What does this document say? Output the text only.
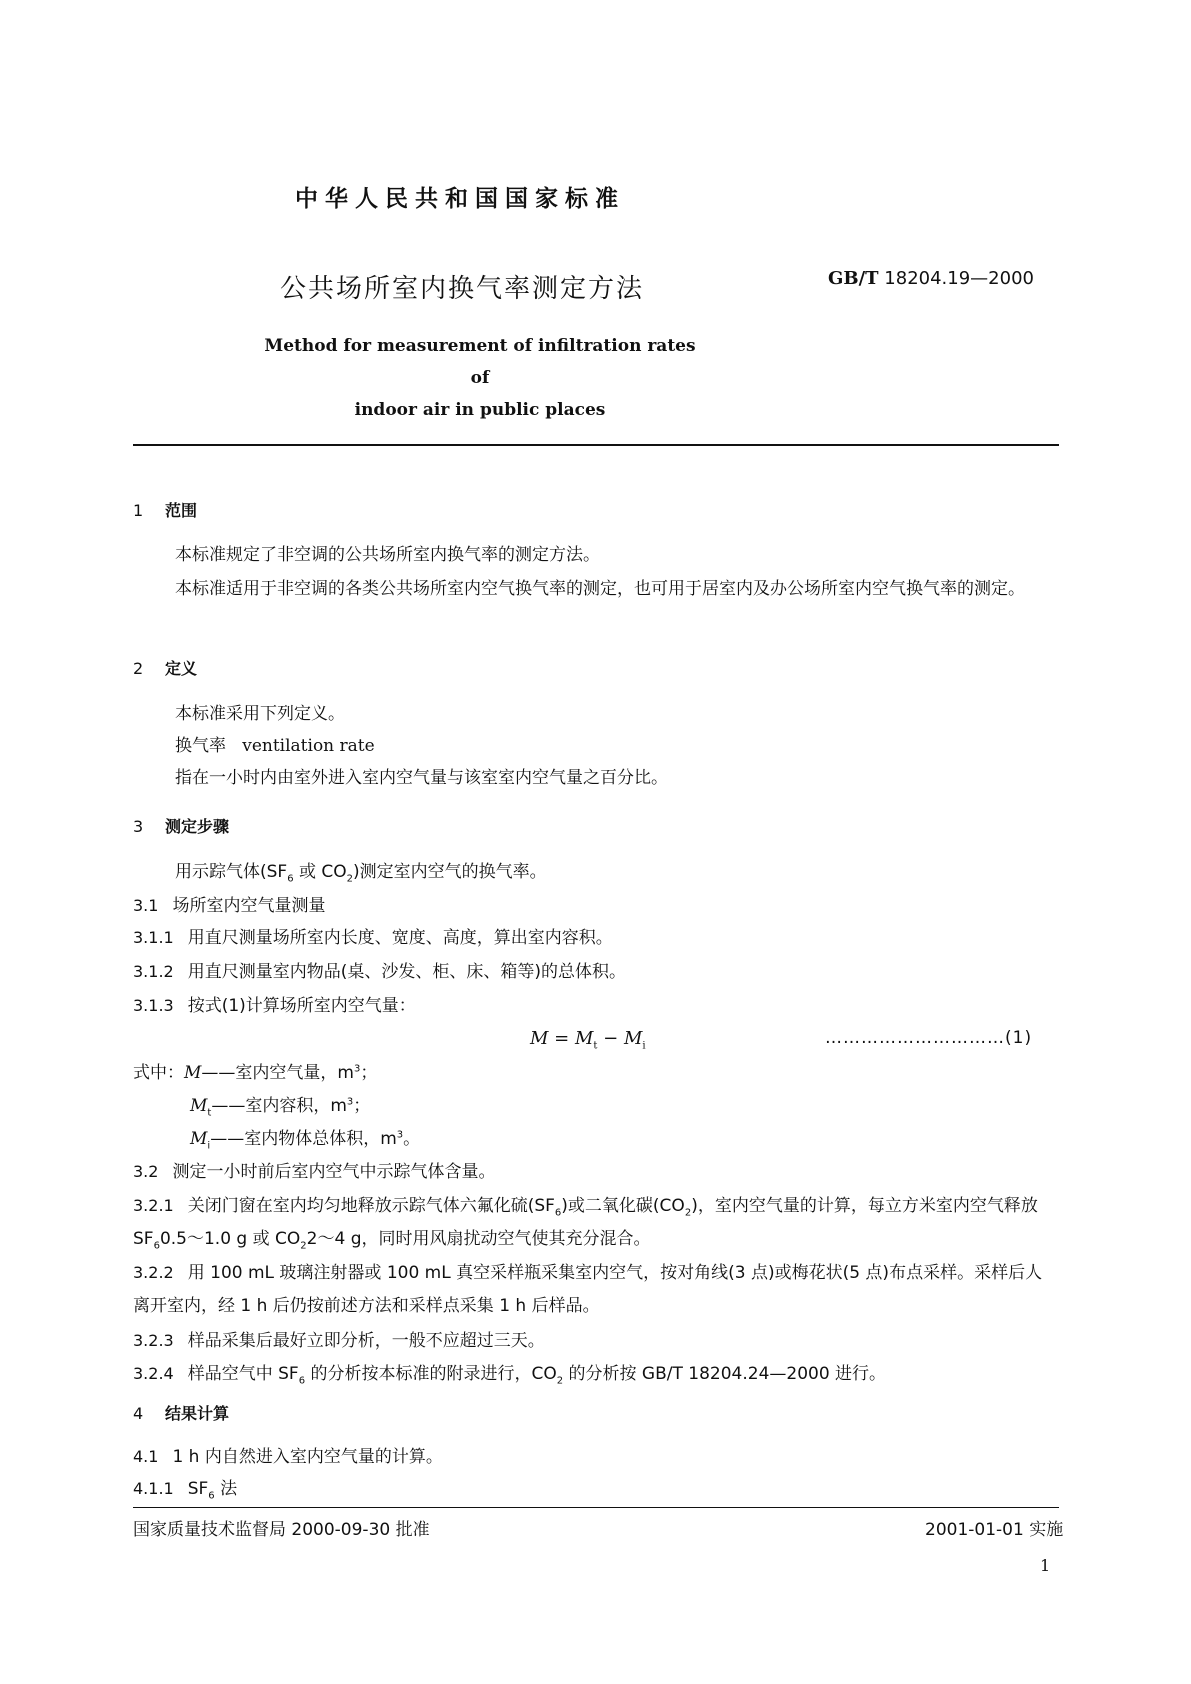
中华人民共和国国家标准
公共场所室内换气率测定方法	GB/T 18204.19—2000
Method for measurement of infiltration rates of
indoor air in public places
1 范围
本标准规定了非空调的公共场所室内换气率的测定方法。
本标准适用于非空调的各类公共场所室内空气换气率的测定，也可用于居室内及办公场所室内空气换气率的测定。
2 定义
本标准采用下列定义。
换气率 ventilation rate
指在一小时内由室外进入室内空气量与该室室内空气量之百分比。
3 测定步骤
用示踪气体($SF_6$ 或 $CO_2$)测定室内空气的换气率。
3.1 场所室内空气量测量
3.1.1 用直尺测量场所室内长度、宽度、高度，算出室内容积。
3.1.2 用直尺测量室内物品(桌、沙发、柜、床、箱等)的总体积。
3.1.3 按式(1)计算场所室内空气量：
$M = M_t - M_i$	…………………………(1)
式中：M——室内空气量，$m^3$；
$M_t——$室内容积，$m^3$；
$M_i——$室内物体总体积，$m^3$。
3.2 测定一小时前后室内空气中示踪气体含量。
3.2.1 关闭门窗在室内均匀地释放示踪气体六氟化硫$(SF_6)$或二氧化碳$(CO_2)$，室内空气量的计算，每立方米室内空气释放 $SF_60.5\sim 1.0$ g 或 $CO_22\sim 4$ g，同时用风扇扰动空气使其充分混合。
3.2.2 用 100 mL 玻璃注射器或 100 mL 真空采样瓶采集室内空气，按对角线(3 点)或梅花状(5 点)布点采样。采样后人离开室内，经 1 h 后仍按前述方法和采样点采集 1 h 后样品。
3.2.3 样品采集后最好立即分析，一般不应超过三天。
3.2.4 样品空气中 $SF_6$ 的分析按本标准的附录进行，$CO_2$ 的分析按 GB/T 18204.24—2000 进行。
4 结果计算
4.1 1 h 内自然进入室内空气量的计算。
4.1.1 $SF_6$ 法
国家质量技术监督局 2000-09-30 批准	2001-01-01 实施
1
